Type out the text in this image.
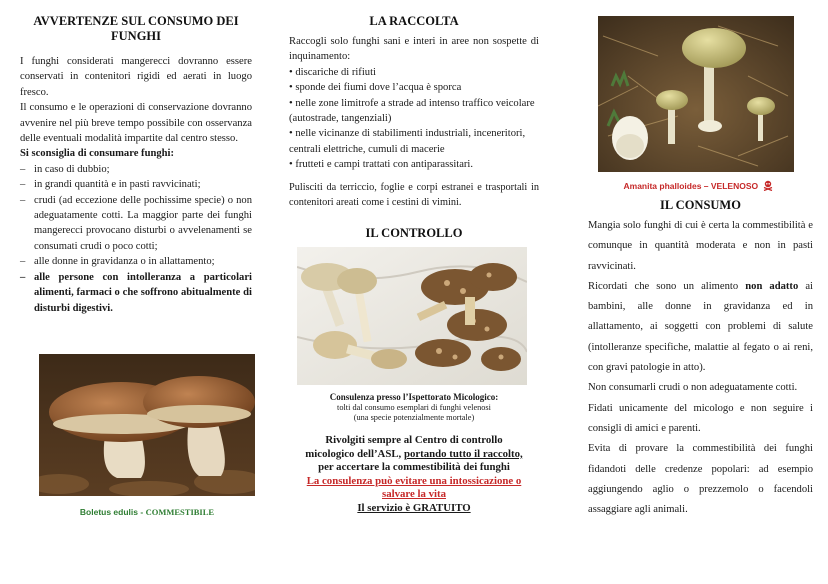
AVVERTENZE SUL CONSUMO DEI FUNGHI

I funghi considerati mangerecci dovranno essere conservati in contenitori rigidi ed aerati in luogo fresco.

Il consumo e le operazioni di conservazione dovranno avvenire nel più breve tempo possibile con osservanza delle eventuali modalità impartite dal centro stesso.

Si sconsiglia di consumare funghi:

– in caso di dubbio;
– in grandi quantità e in pasti ravvicinati;
– crudi (ad eccezione delle pochissime specie) o non adeguatamente cotti. La maggior parte dei funghi mangerecci provocano disturbi o avvelenamenti se consumati crudi o poco cotti;
– alle donne in gravidanza o in allattamento;
– alle persone con intolleranza a particolari alimenti, farmaci o che soffrono abitualmente di disturbi digestivi.
Boletus edulis - COMMESTIBILE
LA RACCOLTA

Raccogli solo funghi sani e interi in aree non sospette di inquinamento:

• discariche di rifiuti
• sponde dei fiumi dove l’acqua è sporca
• nelle zone limitrofe a strade ad intenso traffico veicolare (autostrade, tangenziali)
• nelle vicinanze di stabilimenti industriali, inceneritori, centrali elettriche, cumuli di macerie
• frutteti e campi trattati con antiparassitari.

Pulisciti da terriccio, foglie e corpi estranei e trasportali in contenitori areati come i cestini di vimini.

IL CONTROLLO
Consulenza presso l’Ispettorato Micologico:
tolti dal consumo esemplari di funghi velenosi
(una specie potenzialmente mortale)
Rivolgiti sempre al Centro di controllo
micologico dell’ASL, portando tutto il raccolto,
per accertare la commestibilità dei funghi
La consulenza può evitare una intossicazione o salvare la vita
Il servizio è GRATUITO
Amanita phalloides – VELENOSO
IL CONSUMO

Mangia solo funghi di cui è certa la commestibilità e comunque in quantità moderata e non in pasti ravvicinati.

Ricordati che sono un alimento non adatto ai bambini, alle donne in gravidanza ed in allattamento, ai soggetti con problemi di salute (intolleranze specifiche, malattie al fegato o ai reni, con gravi patologie in atto).

Non consumarli crudi o non adeguatamente cotti.

Fidati unicamente del micologo e non seguire i consigli di amici e parenti.

Evita di provare la commestibilità dei funghi fidandoti delle credenze popolari: ad esempio aggiungendo aglio o prezzemolo o facendoli assaggiare agli animali.
